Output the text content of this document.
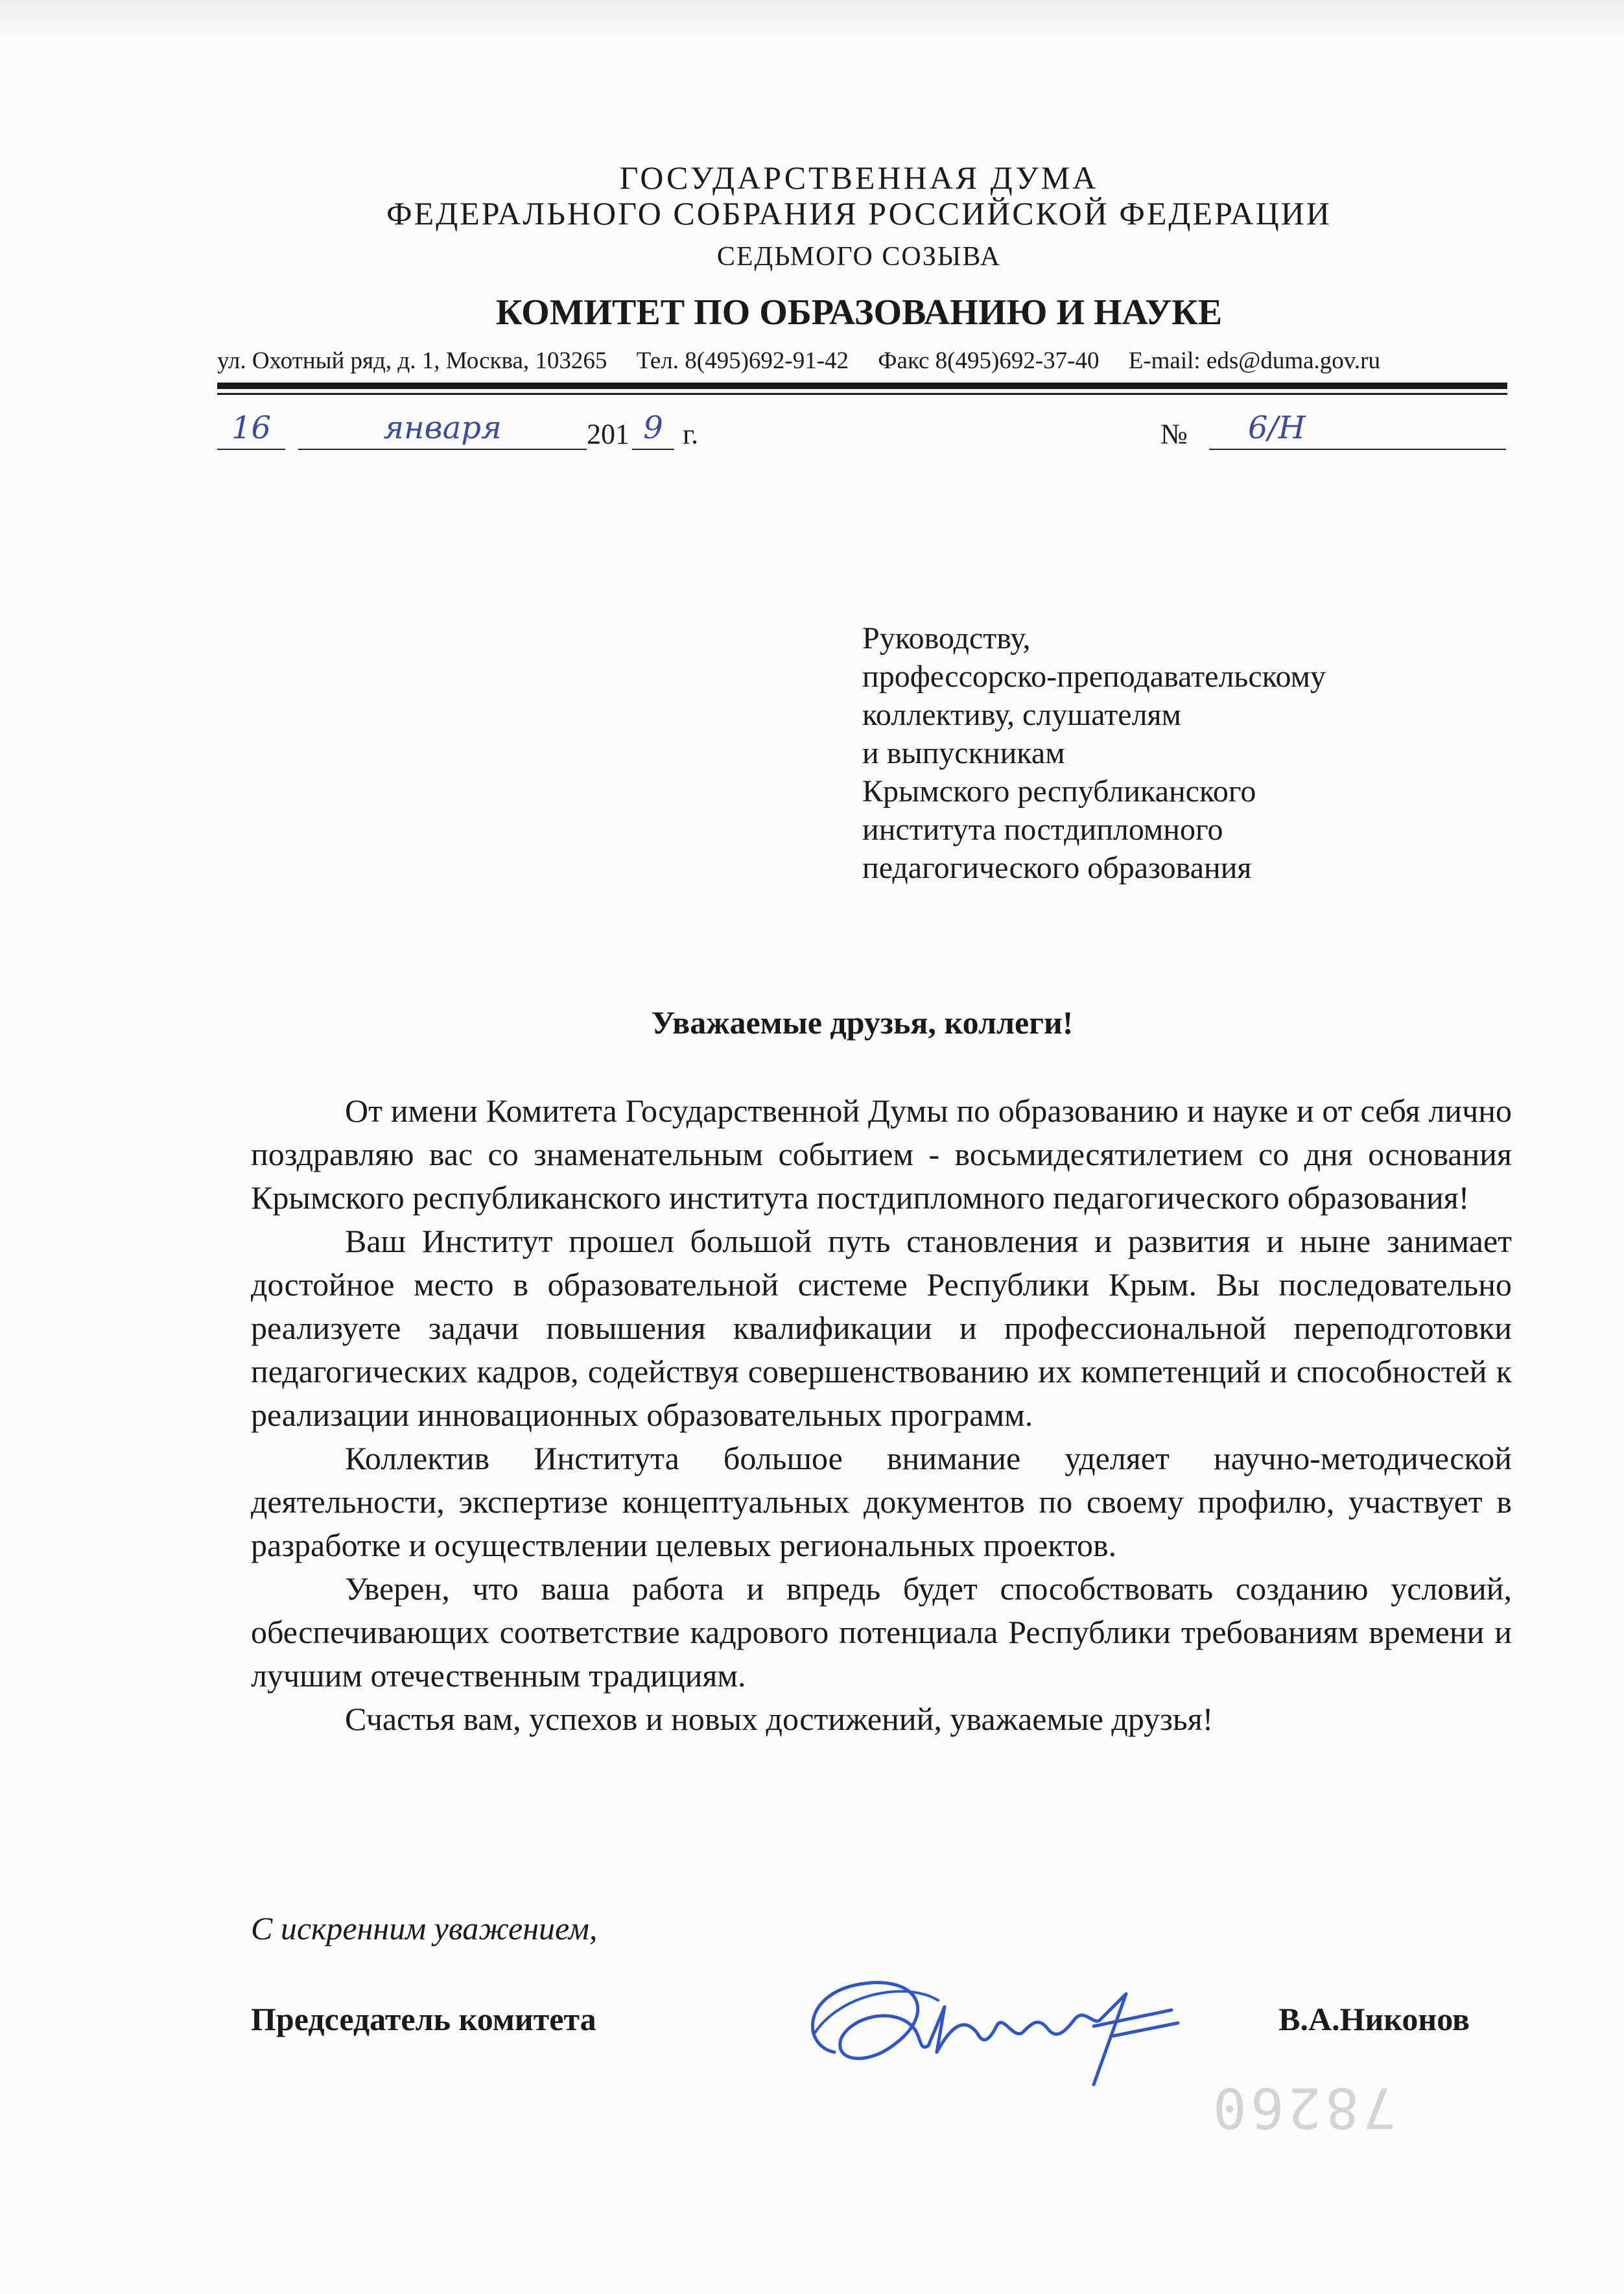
ГОСУДАРСТВЕННАЯ ДУМА
ФЕДЕРАЛЬНОГО СОБРАНИЯ РОССИЙСКОЙ ФЕДЕРАЦИИ
СЕДЬМОГО СОЗЫВА
КОМИТЕТ ПО ОБРАЗОВАНИЮ И НАУКЕ
ул. Охотный ряд, д. 1, Москва, 103265 Тел. 8(495)692-91-42 Факс 8(495)692-37-40 E-mail: eds@duma.gov.ru
16	января	201 9 г.	№	6/Н
Руководству,
профессорско-преподавательскому
коллективу, слушателям
и выпускникам
Крымского республиканского
института постдипломного
педагогического образования
Уважаемые друзья, коллеги!

От имени Комитета Государственной Думы по образованию и науке и от себя лично поздравляю вас со знаменательным событием - восьмидесятилетием со дня основания Крымского республиканского института постдипломного педагогического образования!

Ваш Институт прошел большой путь становления и развития и ныне занимает достойное место в образовательной системе Республики Крым. Вы последовательно реализуете задачи повышения квалификации и профессиональной переподготовки педагогических кадров, содействуя совершенствованию их компетенций и способностей к реализации инновационных образовательных программ.

Коллектив Института большое внимание уделяет научно-методической деятельности, экспертизе концептуальных документов по своему профилю, участвует в разработке и осуществлении целевых региональных проектов.

Уверен, что ваша работа и впредь будет способствовать созданию условий, обеспечивающих соответствие кадрового потенциала Республики требованиям времени и лучшим отечественным традициям.

Счастья вам, успехов и новых достижений, уважаемые друзья!

С искренним уважением,
Председатель комитета	В.А.Никонов
78260
